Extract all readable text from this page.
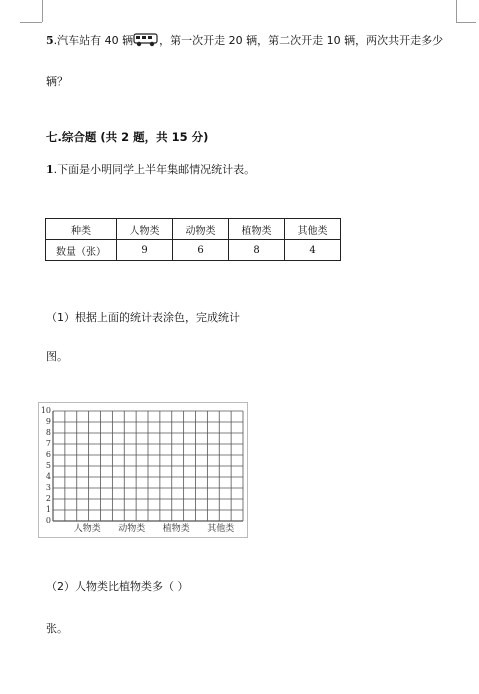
5.汽车站有 40 辆 ，第一次开走 20 辆，第二次开走 10 辆，两次共开走多少
辆？
七.综合题 (共 2 题，共 15 分)
1.下面是小明同学上半年集邮情况统计表。
种类	人物类	动物类	植物类	其他类
数量（张）	9	6	8	4
（1）根据上面的统计表涂色，完成统计
图。
0
1
2
3
4
5
6
7
8
9
10
人物类	动物类	植物类	其他类
（2）人物类比植物类多（ ）
张。
